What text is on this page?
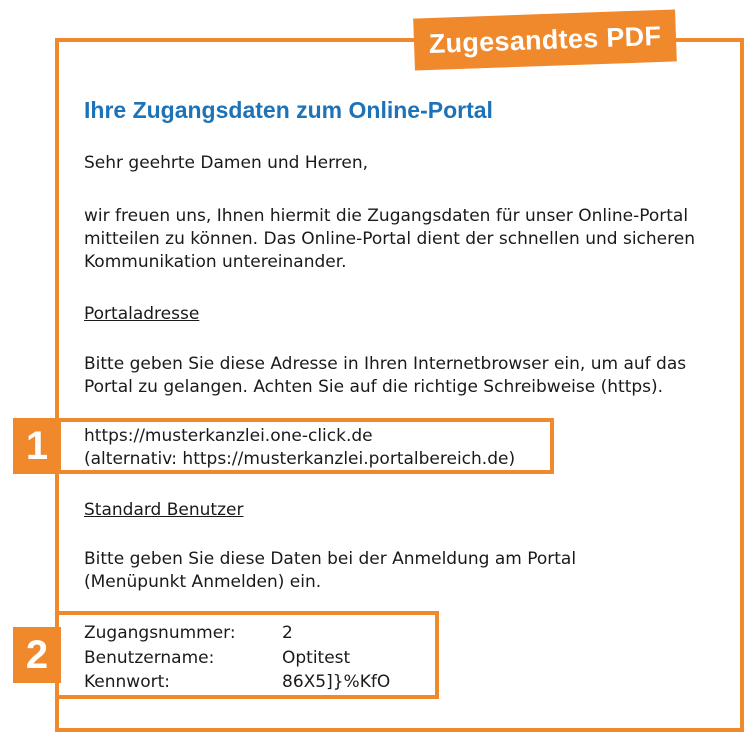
Zugesandtes PDF
Ihre Zugangsdaten zum Online-Portal
Sehr geehrte Damen und Herren,
wir freuen uns, Ihnen hiermit die Zugangsdaten für unser Online-Portal
mitteilen zu können. Das Online-Portal dient der schnellen und sicheren
Kommunikation untereinander.
Portaladresse
Bitte geben Sie diese Adresse in Ihren Internetbrowser ein, um auf das
Portal zu gelangen. Achten Sie auf die richtige Schreibweise (https).
1	https://musterkanzlei.one-click.de
(alternativ: https://musterkanzlei.portalbereich.de)
Standard Benutzer
Bitte geben Sie diese Daten bei der Anmeldung am Portal
(Menüpunkt Anmelden) ein.
2	Zugangsnummer:	2
Benutzername:	Optitest
Kennwort:	86X5]}%KfO
